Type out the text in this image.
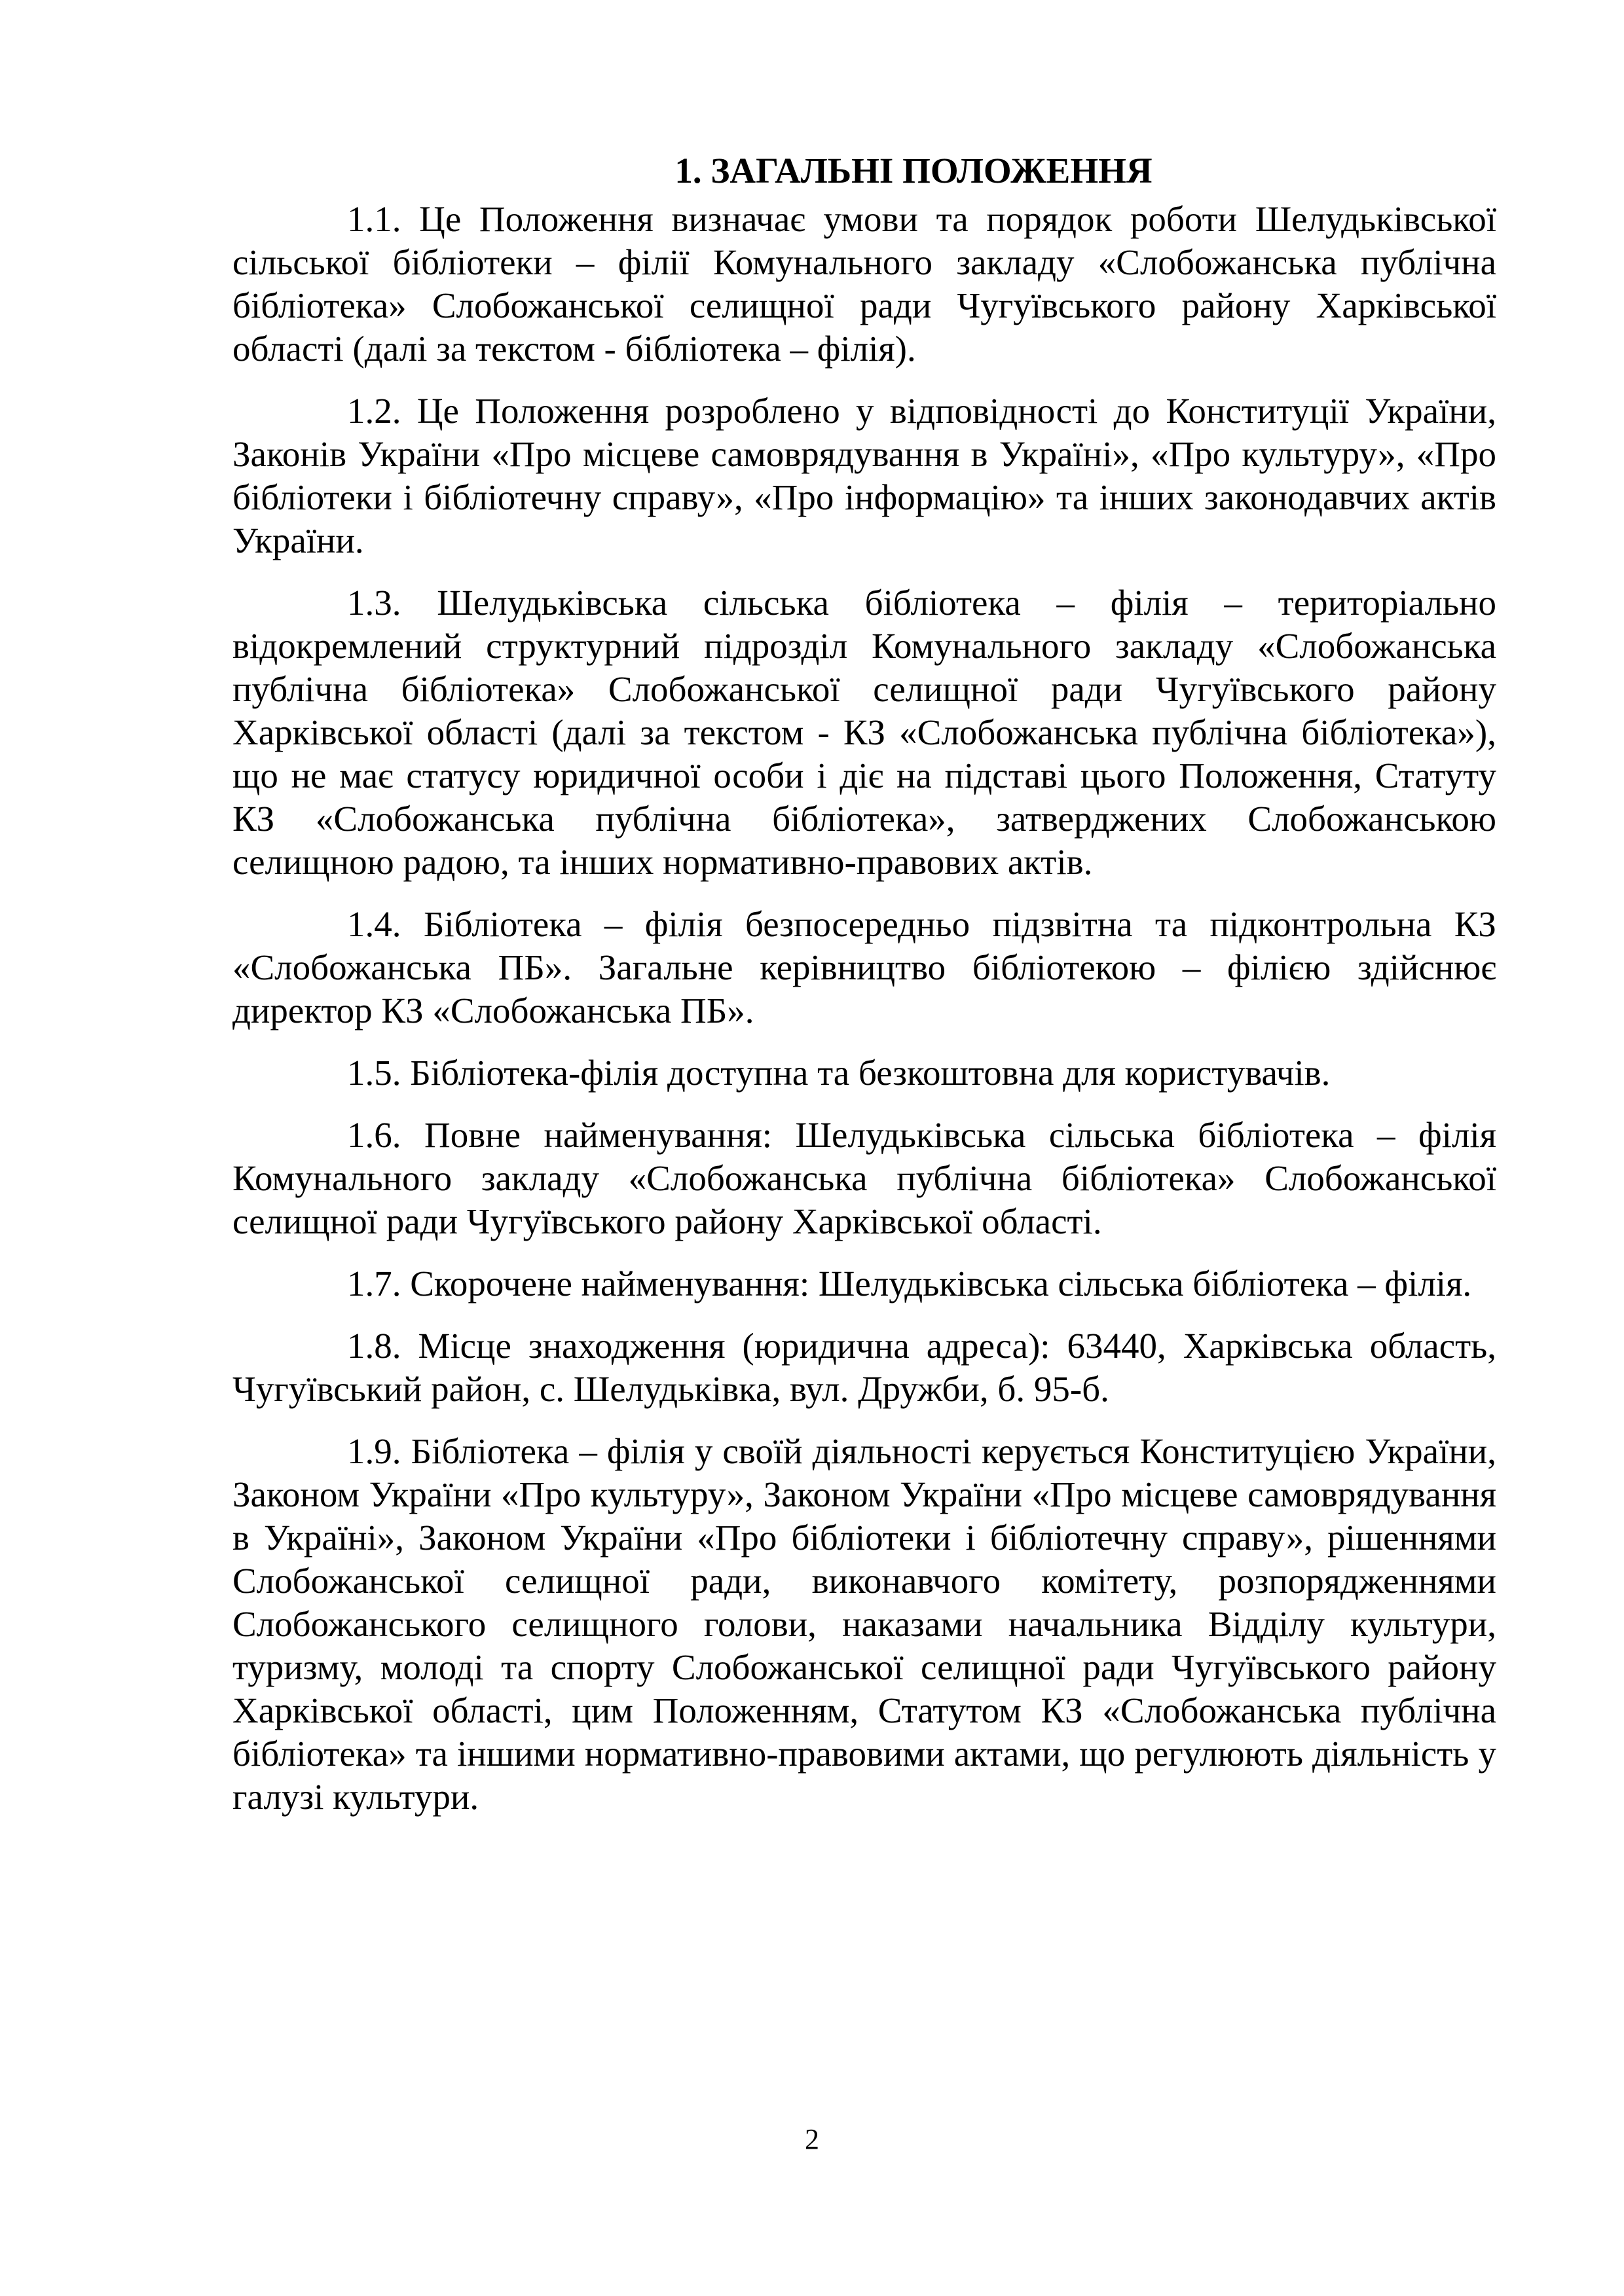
1. ЗАГАЛЬНІ ПОЛОЖЕННЯ

1.1. Це Положення визначає умови та порядок роботи Шелудьківської сільської бібліотеки – філії Комунального закладу «Слобожанська публічна бібліотека» Слобожанської селищної ради Чугуївського району Харківської області (далі за текстом - бібліотека – філія).

1.2. Це Положення розроблено у відповідності до Конституції України, Законів України «Про місцеве самоврядування в Україні», «Про культуру», «Про бібліотеки і бібліотечну справу», «Про інформацію» та інших законодавчих актів України.

1.3. Шелудьківська сільська бібліотека – філія – територіально відокремлений структурний підрозділ Комунального закладу «Слобожанська публічна бібліотека» Слобожанської селищної ради Чугуївського району Харківської області (далі за текстом - КЗ «Слобожанська публічна бібліотека»), що не має статусу юридичної особи і діє на підставі цього Положення, Статуту КЗ «Слобожанська публічна бібліотека», затверджених Слобожанською селищною радою, та інших нормативно-правових актів.

1.4. Бібліотека – філія безпосередньо підзвітна та підконтрольна КЗ «Слобожанська ПБ». Загальне керівництво бібліотекою – філією здійснює директор КЗ «Слобожанська ПБ».

1.5. Бібліотека-філія доступна та безкоштовна для користувачів.

1.6. Повне найменування: Шелудьківська сільська бібліотека – філія Комунального закладу «Слобожанська публічна бібліотека» Слобожанської селищної ради Чугуївського району Харківської області.

1.7. Скорочене найменування: Шелудьківська сільська бібліотека – філія.

1.8. Місце знаходження (юридична адреса): 63440, Харківська область, Чугуївський район, с. Шелудьківка, вул. Дружби, б. 95-б.

1.9. Бібліотека – філія у своїй діяльності керується Конституцією України, Законом України «Про культуру», Законом України «Про місцеве самоврядування в Україні», Законом України «Про бібліотеки і бібліотечну справу», рішеннями Слобожанської селищної ради, виконавчого комітету, розпорядженнями Слобожанського селищного голови, наказами начальника Відділу культури, туризму, молоді та спорту Слобожанської селищної ради Чугуївського району Харківської області, цим Положенням, Статутом КЗ «Слобожанська публічна бібліотека» та іншими нормативно-правовими актами, що регулюють діяльність у галузі культури.

2
